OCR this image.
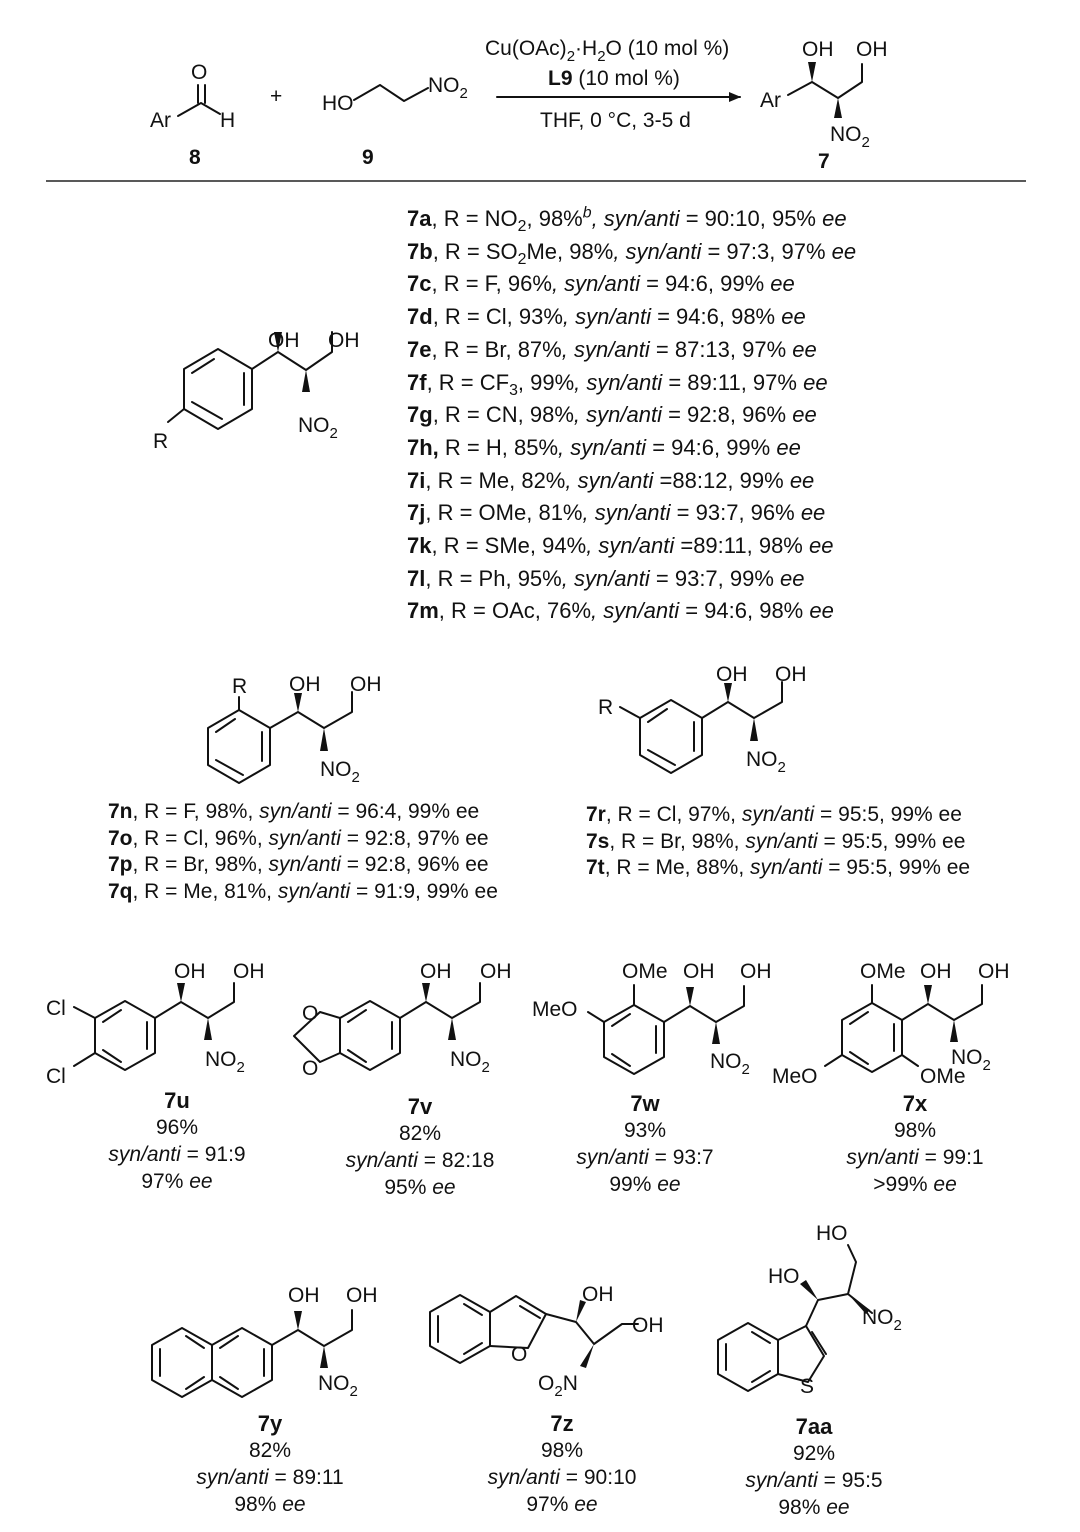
O
Ar H
8
+ HO
$NO_2$
9
$Cu(OAc)_2\cdot H_2O$ (10 mol %)
L9 (10 mol %)
THF, 0 °C, 3-5 d
Ar
OH OH
$NO_2$
7
R
OH OH
$NO_2$
R OH OH
$NO_2$
R
OH OH
$NO_2$
Cl
Cl
OH OH
$NO_2$
O
O
OH OH
$NO_2$
OMe
MeO
OH OH
$NO_2$
OMe
OMe
MeO
OH OH
$NO_2$
OH OH
$NO_2$
O
OH
OH
$O_2N$	S
HO
HO
$NO_2$
7a, $R = NO_2$, 98%$^b$, syn/anti = 90:10, 95% ee
7b, $R = SO_2Me$, 98%, syn/anti = 97:3, 97% ee
7c, R = F, 96%, syn/anti = 94:6, 99% ee
7d, R = Cl, 93%, syn/anti = 94:6, 98% ee
7e, R = Br, 87%, syn/anti = 87:13, 97% ee
7f, $R = CF_3$, 99%, syn/anti = 89:11, 97% ee
7g, R = CN, 98%, syn/anti = 92:8, 96% ee
7h, R = H, 85%, syn/anti = 94:6, 99% ee
7i, R = Me, 82%, syn/anti =88:12, 99% ee
7j, R = OMe, 81%, syn/anti = 93:7, 96% ee
7k, R = SMe, 94%, syn/anti =89:11, 98% ee
7l, R = Ph, 95%, syn/anti = 93:7, 99% ee
7m, R = OAc, 76%, syn/anti = 94:6, 98% ee
7n, R = F, 98%, syn/anti = 96:4, 99% ee
7o, R = Cl, 96%, syn/anti = 92:8, 97% ee
7p, R = Br, 98%, syn/anti = 92:8, 96% ee
7q, R = Me, 81%, syn/anti = 91:9, 99% ee
7r, R = Cl, 97%, syn/anti = 95:5, 99% ee
7s, R = Br, 98%, syn/anti = 95:5, 99% ee
7t, R = Me, 88%, syn/anti = 95:5, 99% ee
7u
96%
syn/anti = 91:9
97% ee
7v
82%
syn/anti = 82:18
95% ee
7w
93%
syn/anti = 93:7
99% ee
7x
98%
syn/anti = 99:1
>99% ee
7y
82%
syn/anti = 89:11
98% ee
7z
98%
syn/anti = 90:10
97% ee
7aa
92%
syn/anti = 95:5
98% ee
